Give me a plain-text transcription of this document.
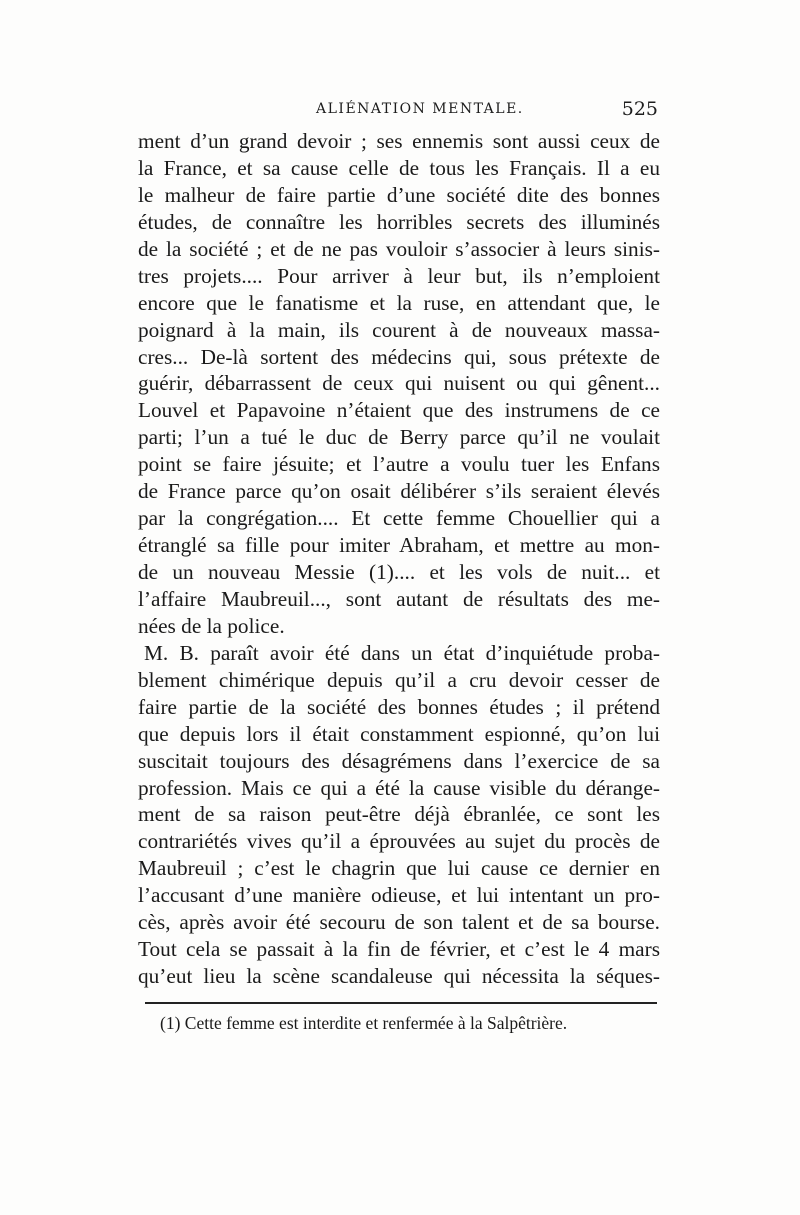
ALIÉNATION MENTALE.	525
ment d’un grand devoir ; ses ennemis sont aussi ceux de
la France, et sa cause celle de tous les Français. Il a eu
le malheur de faire partie d’une société dite des bonnes
études, de connaître les horribles secrets des illuminés
de la société ; et de ne pas vouloir s’associer à leurs sinis-
tres projets.... Pour arriver à leur but, ils n’emploient
encore que le fanatisme et la ruse, en attendant que, le
poignard à la main, ils courent à de nouveaux massa-
cres... De-là sortent des médecins qui, sous prétexte de
guérir, débarrassent de ceux qui nuisent ou qui gênent...
Louvel et Papavoine n’étaient que des instrumens de ce
parti; l’un a tué le duc de Berry parce qu’il ne voulait
point se faire jésuite; et l’autre a voulu tuer les Enfans
de France parce qu’on osait délibérer s’ils seraient élevés
par la congrégation.... Et cette femme Chouellier qui a
étranglé sa fille pour imiter Abraham, et mettre au mon-
de un nouveau Messie (1).... et les vols de nuit... et
l’affaire Maubreuil..., sont autant de résultats des me-
nées de la police.
M. B. paraît avoir été dans un état d’inquiétude proba-
blement chimérique depuis qu’il a cru devoir cesser de
faire partie de la société des bonnes études ; il prétend
que depuis lors il était constamment espionné, qu’on lui
suscitait toujours des désagrémens dans l’exercice de sa
profession. Mais ce qui a été la cause visible du dérange-
ment de sa raison peut-être déjà ébranlée, ce sont les
contrariétés vives qu’il a éprouvées au sujet du procès de
Maubreuil ; c’est le chagrin que lui cause ce dernier en
l’accusant d’une manière odieuse, et lui intentant un pro-
cès, après avoir été secouru de son talent et de sa bourse.
Tout cela se passait à la fin de février, et c’est le 4 mars
qu’eut lieu la scène scandaleuse qui nécessita la séques-
(1) Cette femme est interdite et renfermée à la Salpêtrière.
